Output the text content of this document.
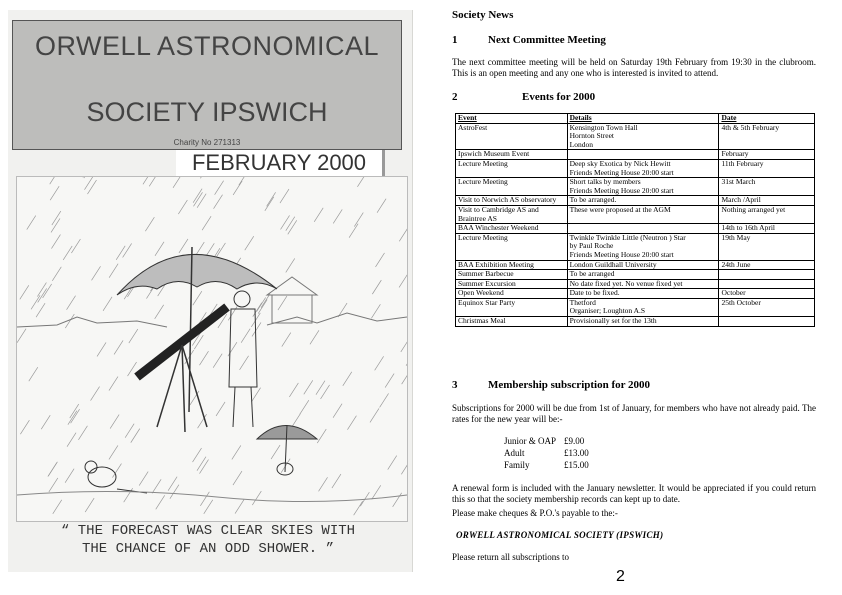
ORWELL ASTRONOMICAL
SOCIETY IPSWICH
Charity No 271313
FEBRUARY 2000
“ THE FORECAST WAS CLEAR SKIES WITH
THE CHANCE OF AN ODD SHOWER. ”
Society News
1	Next Committee Meeting

The next committee meeting will be held on Saturday 19th February from 19:30 in the clubroom. This is an open meeting and any one who is interested is invited to attend.

2	Events for 2000
Event	Details	Date
AstroFest	Kensington Town Hall
Hornton Street
London	4th & 5th February
Ipswich Museum Event		February
Lecture Meeting	Deep sky Exotica by Nick Hewitt
Friends Meeting House 20:00 start	11th February
Lecture Meeting	Short talks by members
Friends Meeting House 20:00 start	31st March
Visit to Norwich AS observatory	To be arranged.	March /April
Visit to Cambridge AS and Braintree AS	These were proposed at the AGM	Nothing arranged yet
BAA Winchester Weekend		14th to 16th April
Lecture Meeting	Twinkle Twinkle Little (Neutron ) Star
by Paul Roche
Friends Meeting House 20:00 start	19th May
BAA Exhibition Meeting	London Guildhall University	24th June
Summer Barbecue	To be arranged	

Summer Excursion	No date fixed yet. No venue fixed yet	

Open Weekend	Date to be fixed.	October
Equinox Star Party	Thetford
Organiser; Loughton A.S	25th October
Christmas Meal	Provisionally set for the 13th	

3	Membership subscription for 2000

Subscriptions for 2000 will be due from 1st of January, for members who have not already paid. The rates for the new year will be:-

Junior & OAP £9.00
Adult	£13.00
Family	£15.00

A renewal form is included with the January newsletter. It would be appreciated if you could return this so that the society membership records can kept up to date.

Please make cheques & P.O.'s payable to the:-

ORWELL ASTRONOMICAL SOCIETY (IPSWICH)

Please return all subscriptions to

2
